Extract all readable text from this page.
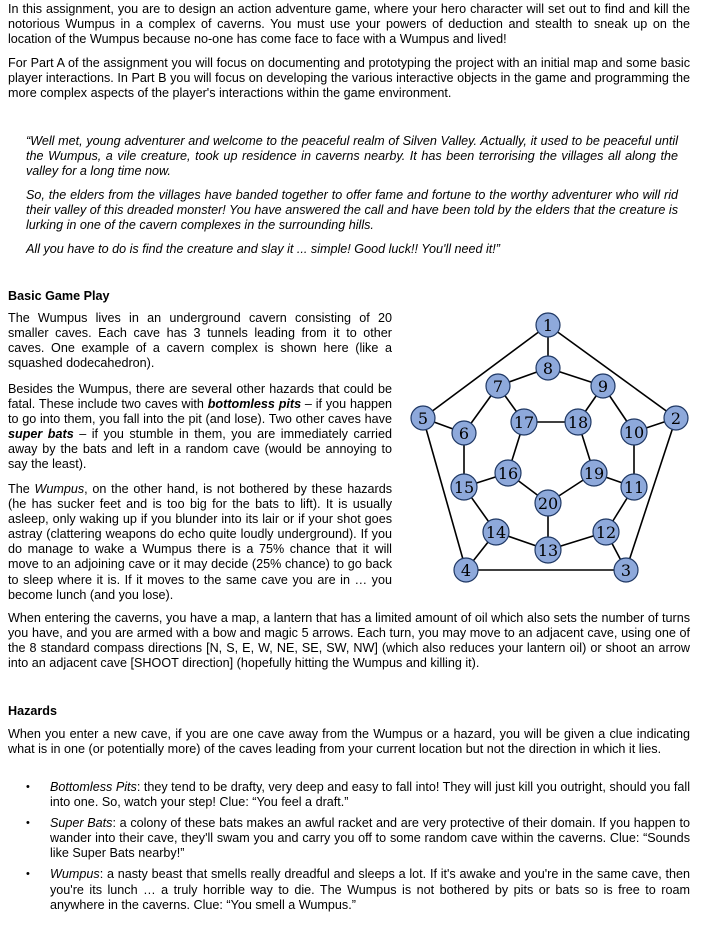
In this assignment, you are to design an action adventure game, where your hero character will set out to find and kill the notorious Wumpus in a complex of caverns. You must use your powers of deduction and stealth to sneak up on the location of the Wumpus because no-one has come face to face with a Wumpus and lived!

For Part A of the assignment you will focus on documenting and prototyping the project with an initial map and some basic player interactions. In Part B you will focus on developing the various interactive objects in the game and programming the more complex aspects of the player's interactions within the game environment.

“Well met, young adventurer and welcome to the peaceful realm of Silven Valley. Actually, it used to be peaceful until the Wumpus, a vile creature, took up residence in caverns nearby. It has been terrorising the villages all along the valley for a long time now.

So, the elders from the villages have banded together to offer fame and fortune to the worthy adventurer who will rid their valley of this dreaded monster! You have answered the call and have been told by the elders that the creature is lurking in one of the cavern complexes in the surrounding hills.

All you have to do is find the creature and slay it ... simple! Good luck!! You'll need it!”

Basic Game Play

The Wumpus lives in an underground cavern consisting of 20 smaller caves. Each cave has 3 tunnels leading from it to other caves. One example of a cavern complex is shown here (like a squashed dodecahedron).

Besides the Wumpus, there are several other hazards that could be fatal. These include two caves with bottomless pits – if you happen to go into them, you fall into the pit (and lose). Two other caves have super bats – if you stumble in them, you are immediately carried away by the bats and left in a random cave (would be annoying to say the least).

The Wumpus, on the other hand, is not bothered by these hazards (he has sucker feet and is too big for the bats to lift). It is usually asleep, only waking up if you blunder into its lair or if your shot goes astray (clattering weapons do echo quite loudly underground). If you do manage to wake a Wumpus there is a 75% chance that it will move to an adjoining cave or it may decide (25% chance) to go back to sleep where it is. If it moves to the same cave you are in … you become lunch (and you lose).

When entering the caverns, you have a map, a lantern that has a limited amount of oil which also sets the number of turns you have, and you are armed with a bow and magic 5 arrows. Each turn, you may move to an adjacent cave, using one of the 8 standard compass directions [N, S, E, W, NE, SE, SW, NW] (which also reduces your lantern oil) or shoot an arrow into an adjacent cave [SHOOT direction] (hopefully hitting the Wumpus and killing it).

Hazards

When you enter a new cave, if you are one cave away from the Wumpus or a hazard, you will be given a clue indicating what is in one (or potentially more) of the caves leading from your current location but not the direction in which it lies.

• Bottomless Pits: they tend to be drafty, very deep and easy to fall into! They will just kill you outright, should you fall into one. So, watch your step! Clue: “You feel a draft.”
• Super Bats: a colony of these bats makes an awful racket and are very protective of their domain. If you happen to wander into their cave, they'll swam you and carry you off to some random cave within the caverns. Clue: “Sounds like Super Bats nearby!”
• Wumpus: a nasty beast that smells really dreadful and sleeps a lot. If it's awake and you're in the same cave, then you're its lunch … a truly horrible way to die. The Wumpus is not bothered by pits or bats so is free to roam anywhere in the caverns. Clue: “You smell a Wumpus.”
1
2
3
4
5
6
7
8
9
10
11
12
13
14
15
16
17 18
19
20
